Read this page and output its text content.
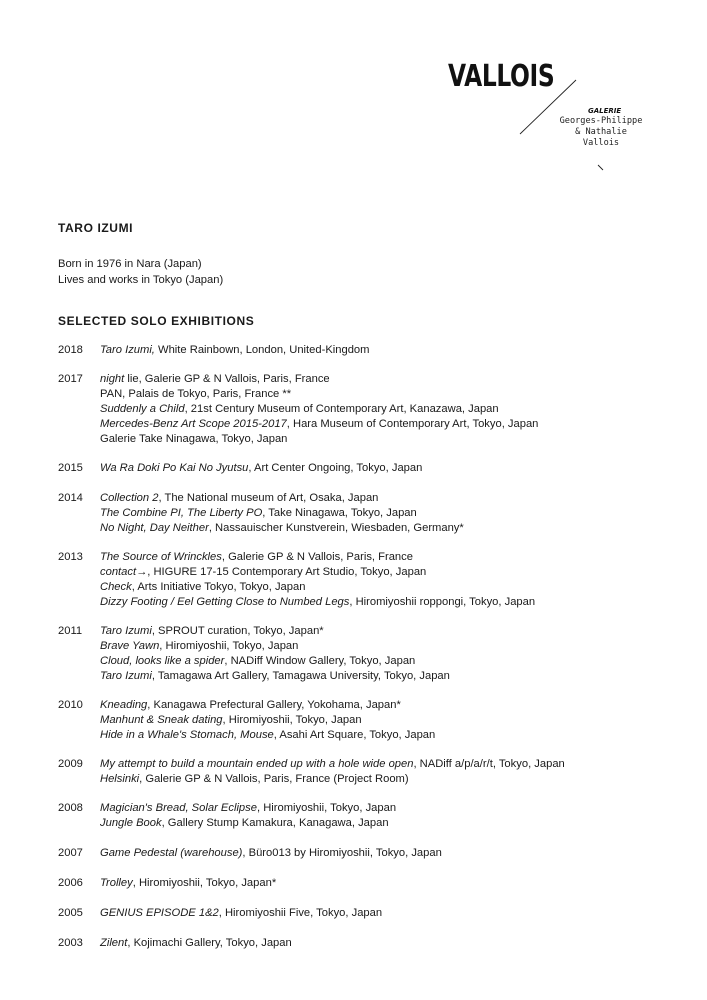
VALLOIS
GALERIE
Georges-Philippe
& Nathalie
Vallois
TARO IZUMI
Born in 1976 in Nara (Japan)
Lives and works in Tokyo (Japan)
SELECTED SOLO EXHIBITIONS
2018	Taro Izumi, White Rainbown, London, United-Kingdom
2017	night lie, Galerie GP & N Vallois, Paris, France
PAN, Palais de Tokyo, Paris, France **
Suddenly a Child, 21st Century Museum of Contemporary Art, Kanazawa, Japan
Mercedes-Benz Art Scope 2015-2017, Hara Museum of Contemporary Art, Tokyo, Japan
Galerie Take Ninagawa, Tokyo, Japan
2015	Wa Ra Doki Po Kai No Jyutsu, Art Center Ongoing, Tokyo, Japan
2014	Collection 2, The National museum of Art, Osaka, Japan
The Combine PI, The Liberty PO, Take Ninagawa, Tokyo, Japan
No Night, Day Neither, Nassauischer Kunstverein, Wiesbaden, Germany*
2013	The Source of Wrinckles, Galerie GP & N Vallois, Paris, France
contact→, HIGURE 17-15 Contemporary Art Studio, Tokyo, Japan
Check, Arts Initiative Tokyo, Tokyo, Japan
Dizzy Footing / Eel Getting Close to Numbed Legs, Hiromiyoshii roppongi, Tokyo, Japan
2011	Taro Izumi, SPROUT curation, Tokyo, Japan*
Brave Yawn, Hiromiyoshii, Tokyo, Japan
Cloud, looks like a spider, NADiff Window Gallery, Tokyo, Japan
Taro Izumi, Tamagawa Art Gallery, Tamagawa University, Tokyo, Japan
2010	Kneading, Kanagawa Prefectural Gallery, Yokohama, Japan*
Manhunt & Sneak dating, Hiromiyoshii, Tokyo, Japan
Hide in a Whale's Stomach, Mouse, Asahi Art Square, Tokyo, Japan
2009	My attempt to build a mountain ended up with a hole wide open, NADiff a/p/a/r/t, Tokyo, Japan
Helsinki, Galerie GP & N Vallois, Paris, France (Project Room)
2008	Magician's Bread, Solar Eclipse, Hiromiyoshii, Tokyo, Japan
Jungle Book, Gallery Stump Kamakura, Kanagawa, Japan
2007	Game Pedestal (warehouse), Büro013 by Hiromiyoshii, Tokyo, Japan
2006	Trolley, Hiromiyoshii, Tokyo, Japan*
2005	GENIUS EPISODE 1&2, Hiromiyoshii Five, Tokyo, Japan
2003	Zilent, Kojimachi Gallery, Tokyo, Japan
